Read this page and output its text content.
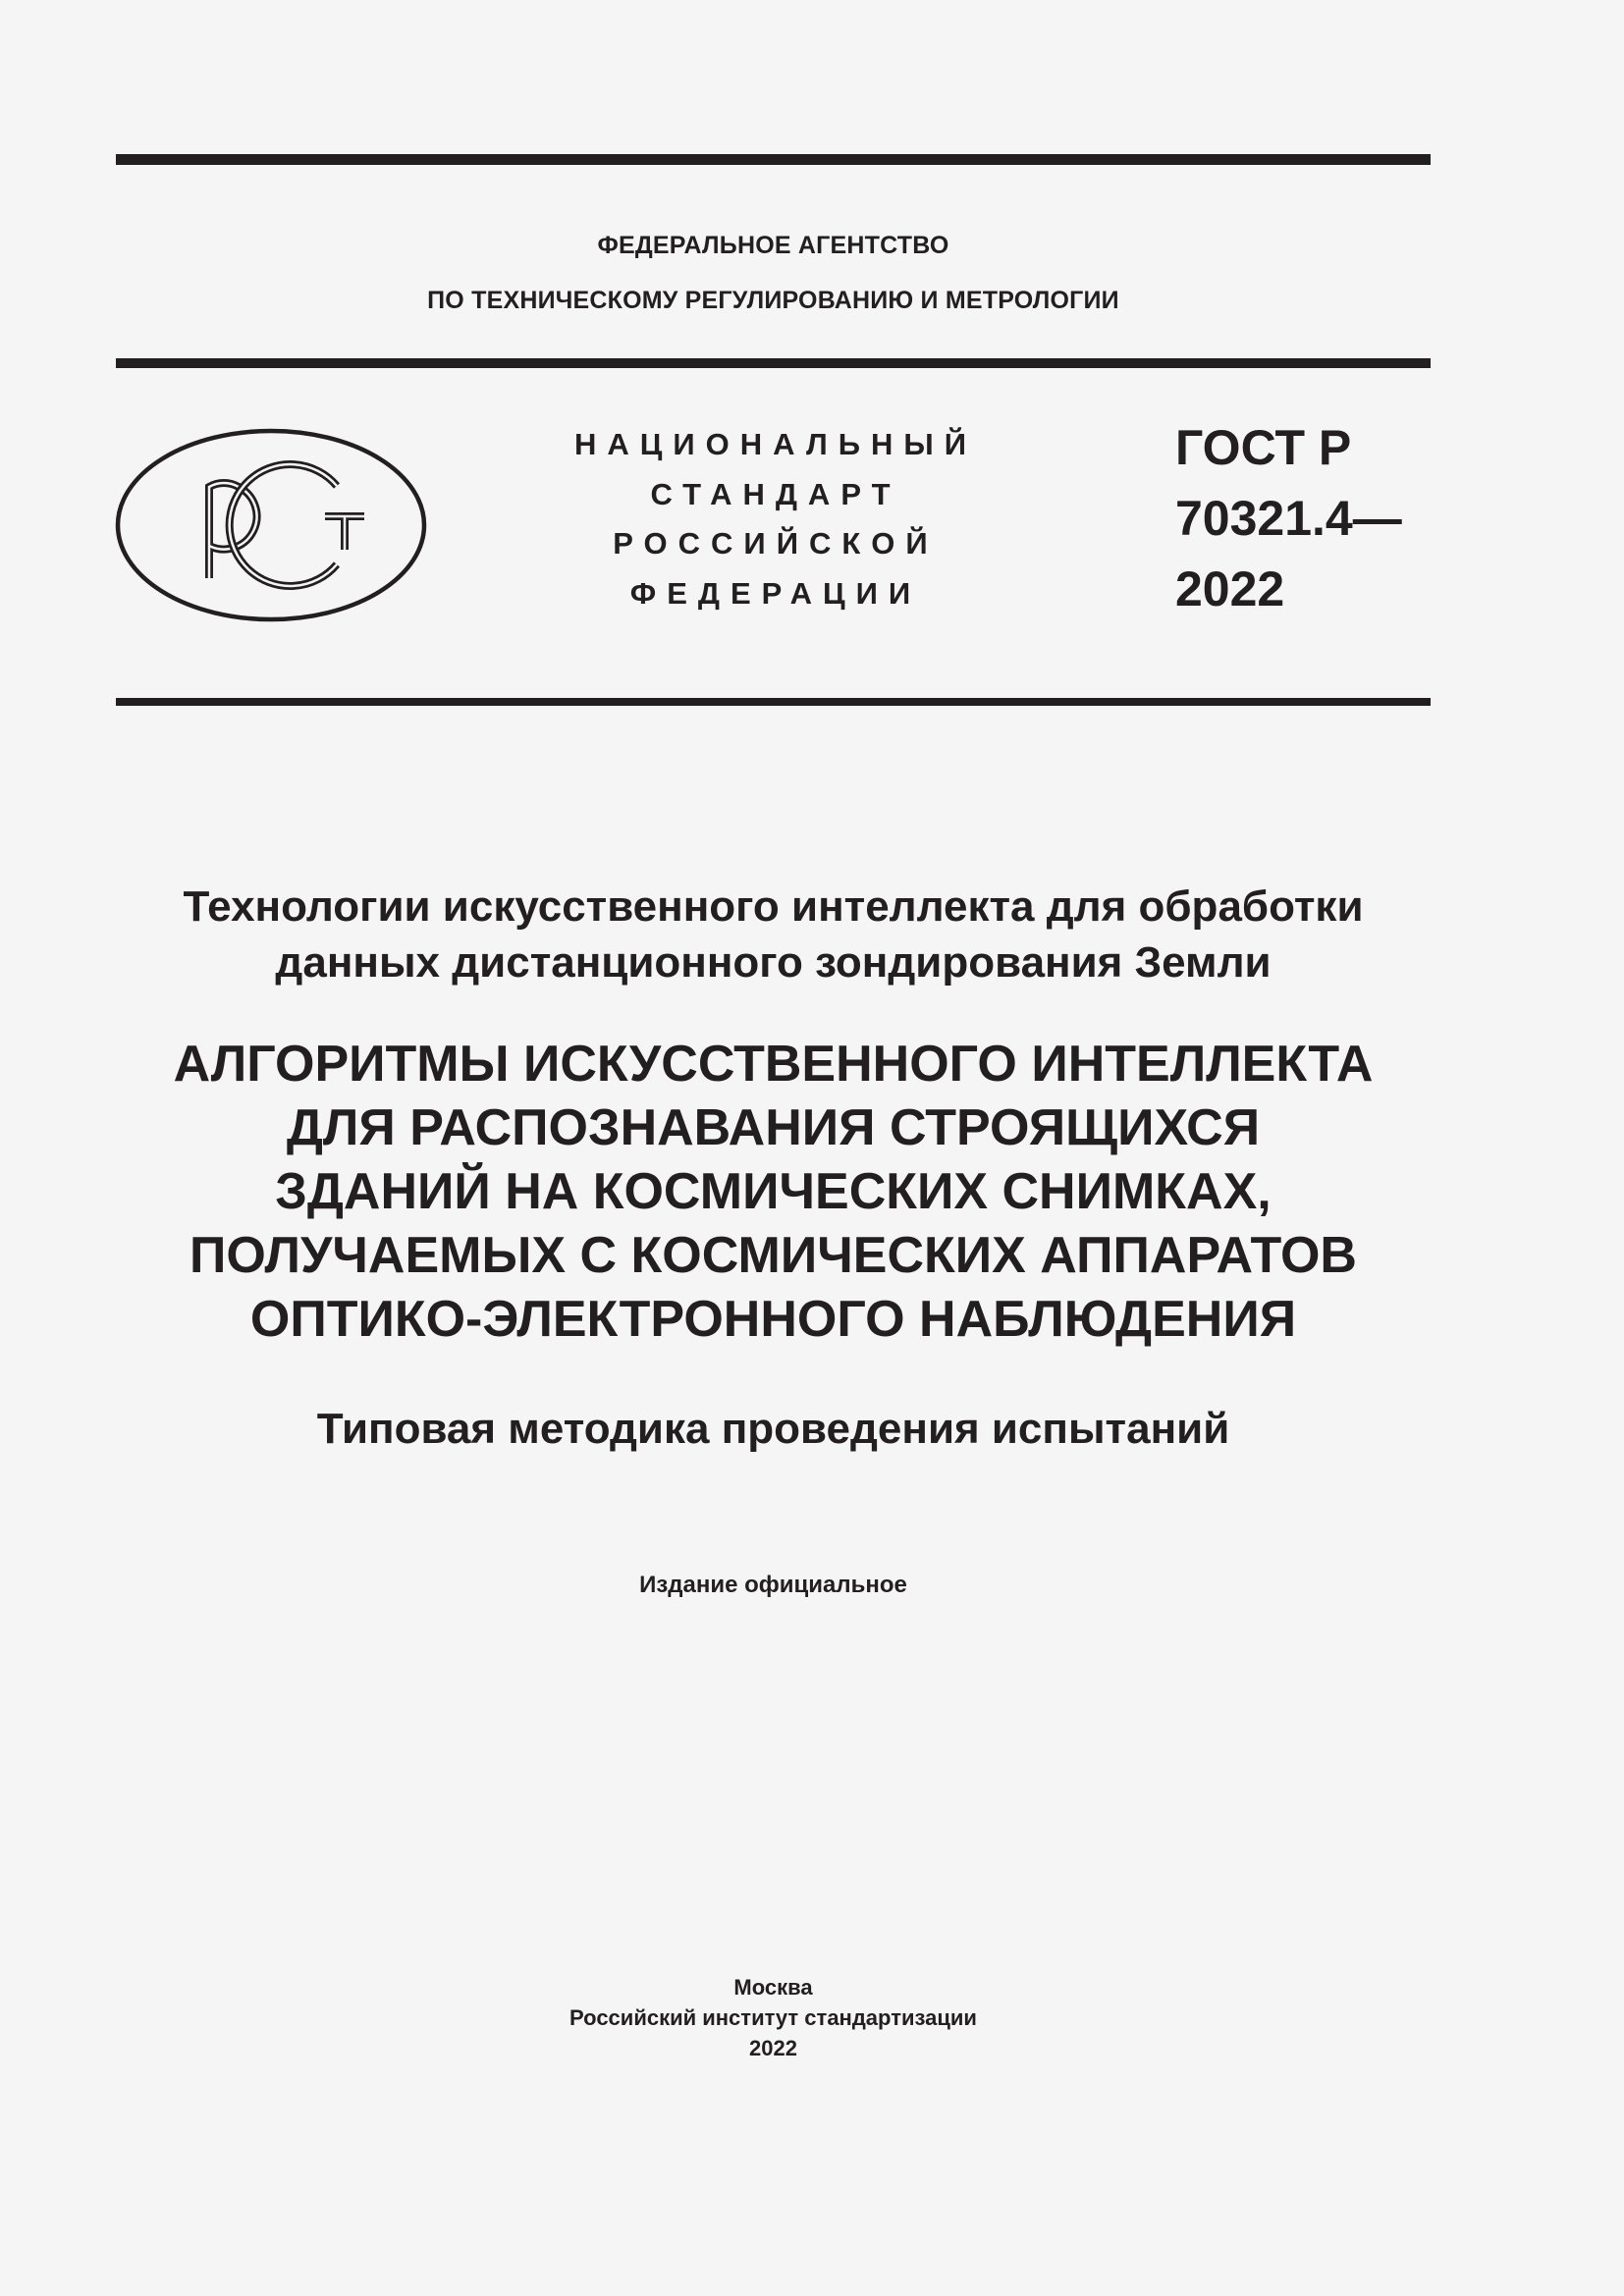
ФЕДЕРАЛЬНОЕ АГЕНТСТВО
ПО ТЕХНИЧЕСКОМУ РЕГУЛИРОВАНИЮ И МЕТРОЛОГИИ
НАЦИОНАЛЬНЫЙ
СТАНДАРТ
РОССИЙСКОЙ
ФЕДЕРАЦИИ
ГОСТ Р
70321.4—
2022
Технологии искусственного интеллекта для обработки
данных дистанционного зондирования Земли
АЛГОРИТМЫ ИСКУССТВЕННОГО ИНТЕЛЛЕКТА
ДЛЯ РАСПОЗНАВАНИЯ СТРОЯЩИХСЯ
ЗДАНИЙ НА КОСМИЧЕСКИХ СНИМКАХ,
ПОЛУЧАЕМЫХ С КОСМИЧЕСКИХ АППАРАТОВ
ОПТИКО-ЭЛЕКТРОННОГО НАБЛЮДЕНИЯ
Типовая методика проведения испытаний
Издание официальное
Москва
Российский институт стандартизации
2022
